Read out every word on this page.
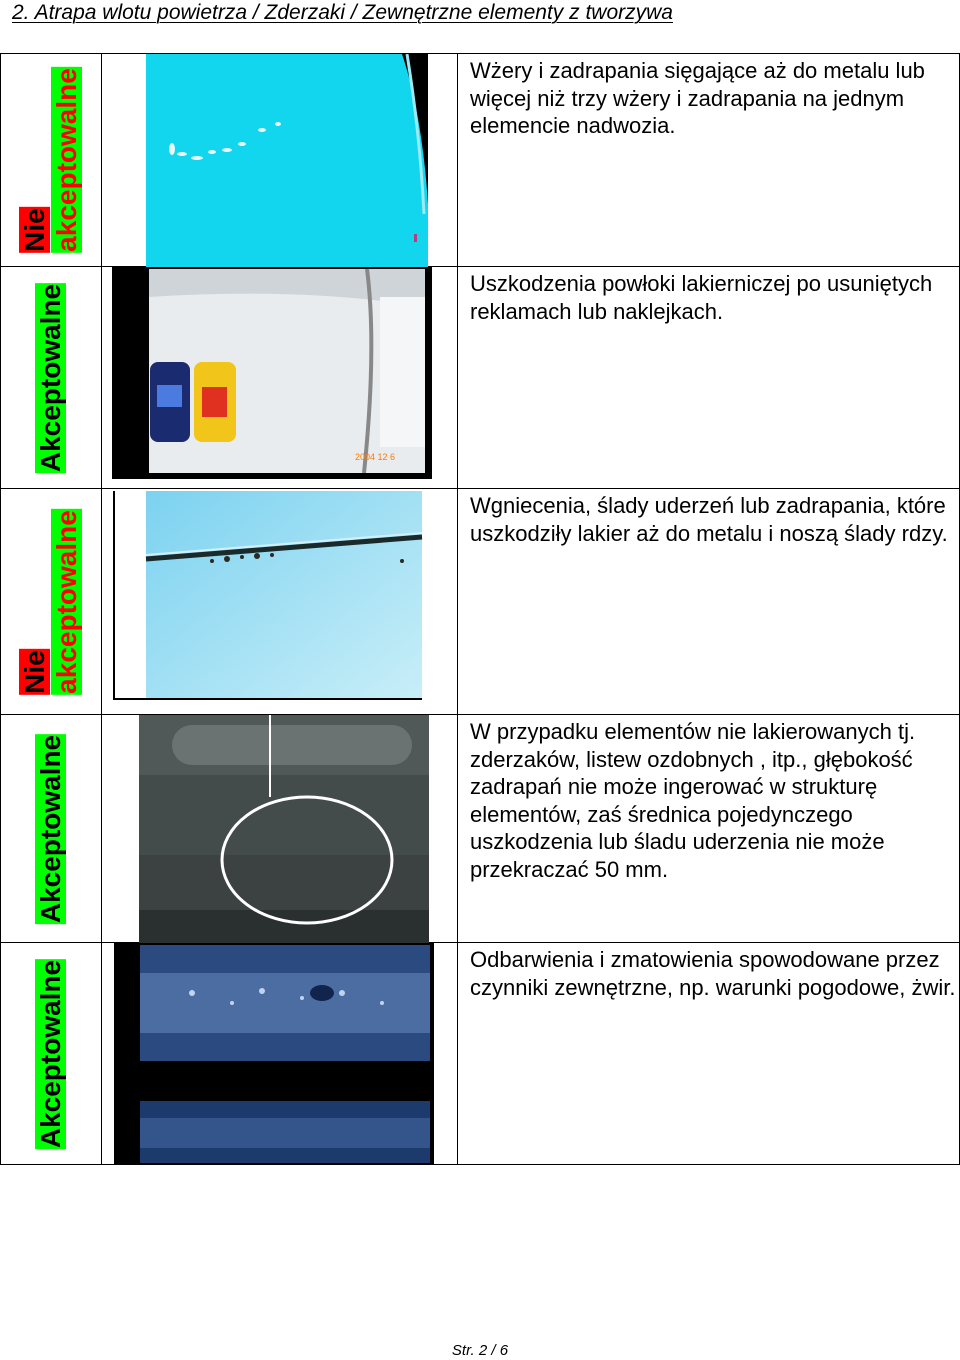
2. Atrapa wlotu powietrza / Zderzaki / Zewnętrzne elementy z tworzywa
Nie akceptowalne		Wżery i zadrapania sięgające aż do metalu lub więcej niż trzy wżery i zadrapania na jednym elemencie nadwozia.

Akceptowalne	2004 12 6	Uszkodzenia powłoki lakierniczej po usuniętych reklamach lub naklejkach.

Nie akceptowalne		Wgniecenia, ślady uderzeń lub zadrapania, które uszkodziły lakier aż do metalu i noszą ślady rdzy.

Akceptowalne		W przypadku elementów nie lakierowanych tj. zderzaków, listew ozdobnych , itp., głębokość zadrapań nie może ingerować w strukturę elementów, zaś średnica pojedynczego uszkodzenia lub śladu uderzenia nie może przekraczać 50 mm.

Akceptowalne		Odbarwienia i zmatowienia spowodowane przez czynniki zewnętrzne, np. warunki pogodowe, żwir.
Str. 2 / 6
